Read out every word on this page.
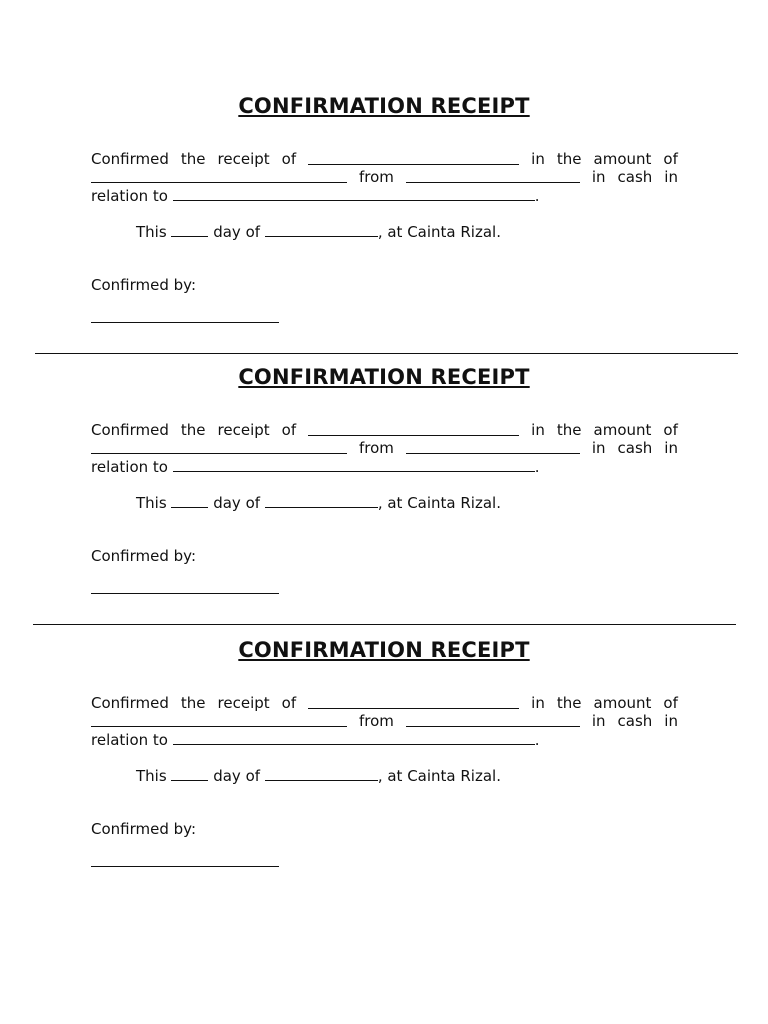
CONFIRMATION RECEIPT
Confirmed the receipt of	in the amount of
from	in cash in
relation to	.
This	day of	, at Cainta Rizal.
Confirmed by:
CONFIRMATION RECEIPT
Confirmed the receipt of	in the amount of
from	in cash in
relation to	.
This	day of	, at Cainta Rizal.
Confirmed by:
CONFIRMATION RECEIPT
Confirmed the receipt of	in the amount of
from	in cash in
relation to	.
This	day of	, at Cainta Rizal.
Confirmed by:
